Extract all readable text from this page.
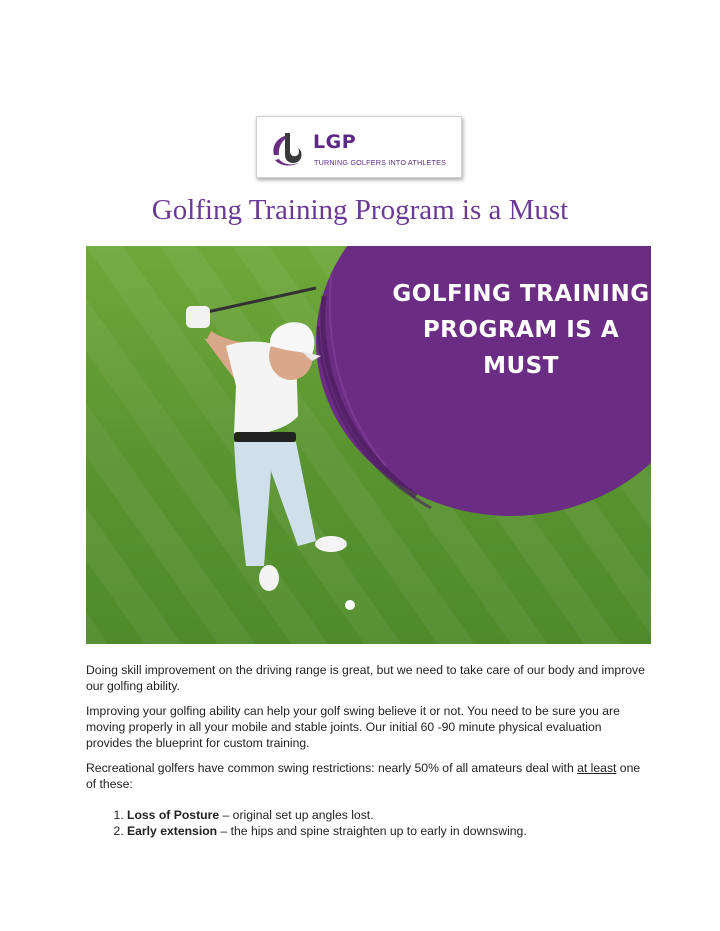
LGP
TURNING GOLFERS INTO ATHLETES
Golfing Training Program is a Must
GOLFING TRAINING
PROGRAM IS A
MUST

Doing skill improvement on the driving range is great, but we need to take care of our body and improve our golfing ability.

Improving your golfing ability can help your golf swing believe it or not. You need to be sure you are moving properly in all your mobile and stable joints. Our initial 60 -90 minute physical evaluation provides the blueprint for custom training.

Recreational golfers have common swing restrictions: nearly 50% of all amateurs deal with at least one of these:

1. Loss of Posture – original set up angles lost.
2. Early extension – the hips and spine straighten up to early in downswing.
